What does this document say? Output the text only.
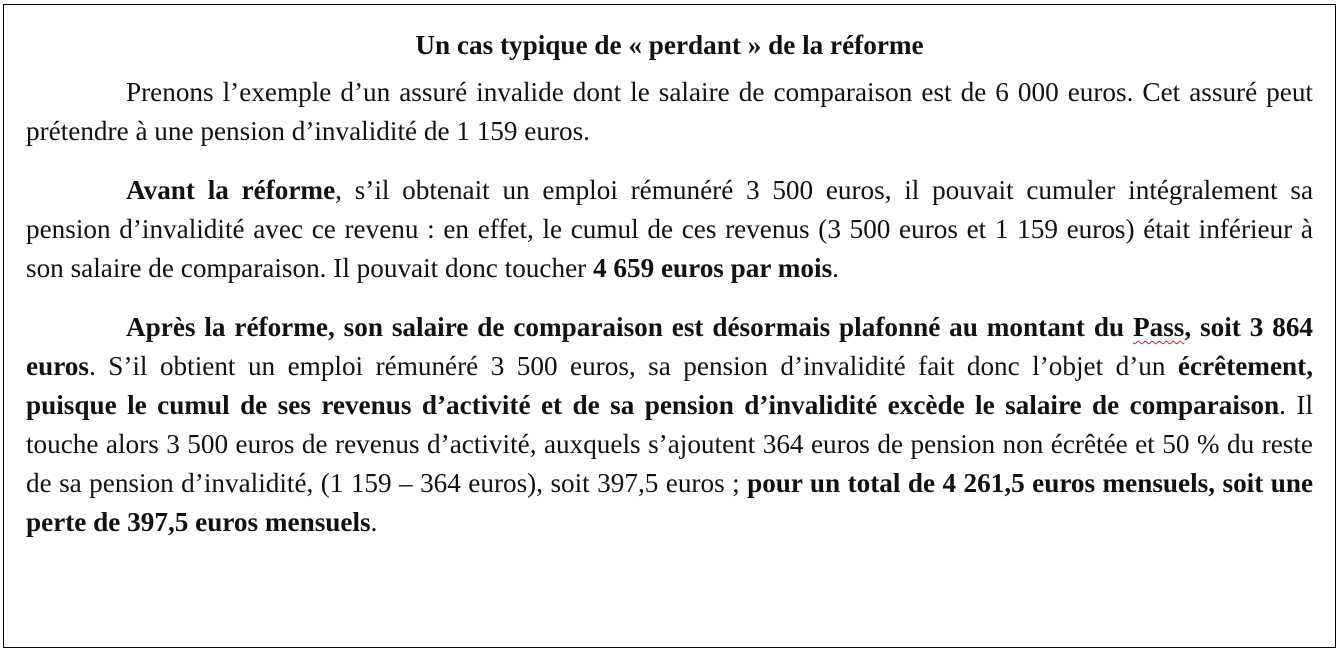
Un cas typique de « perdant » de la réforme

Prenons l’exemple d’un assuré invalide dont le salaire de comparaison est de 6 000 euros. Cet assuré peut prétendre à une pension d’invalidité de 1 159 euros.

Avant la réforme, s’il obtenait un emploi rémunéré 3 500 euros, il pouvait cumuler intégralement sa pension d’invalidité avec ce revenu : en effet, le cumul de ces revenus (3 500 euros et 1 159 euros) était inférieur à son salaire de comparaison. Il pouvait donc toucher 4 659 euros par mois.

Après la réforme, son salaire de comparaison est désormais plafonné au montant du Pass, soit 3 864 euros. S’il obtient un emploi rémunéré 3 500 euros, sa pension d’invalidité fait donc l’objet d’un écrêtement, puisque le cumul de ses revenus d’activité et de sa pension d’invalidité excède le salaire de comparaison. Il touche alors 3 500 euros de revenus d’activité, auxquels s’ajoutent 364 euros de pension non écrêtée et 50 % du reste de sa pension d’invalidité, (1 159 – 364 euros), soit 397,5 euros ; pour un total de 4 261,5 euros mensuels, soit une perte de 397,5 euros mensuels.
